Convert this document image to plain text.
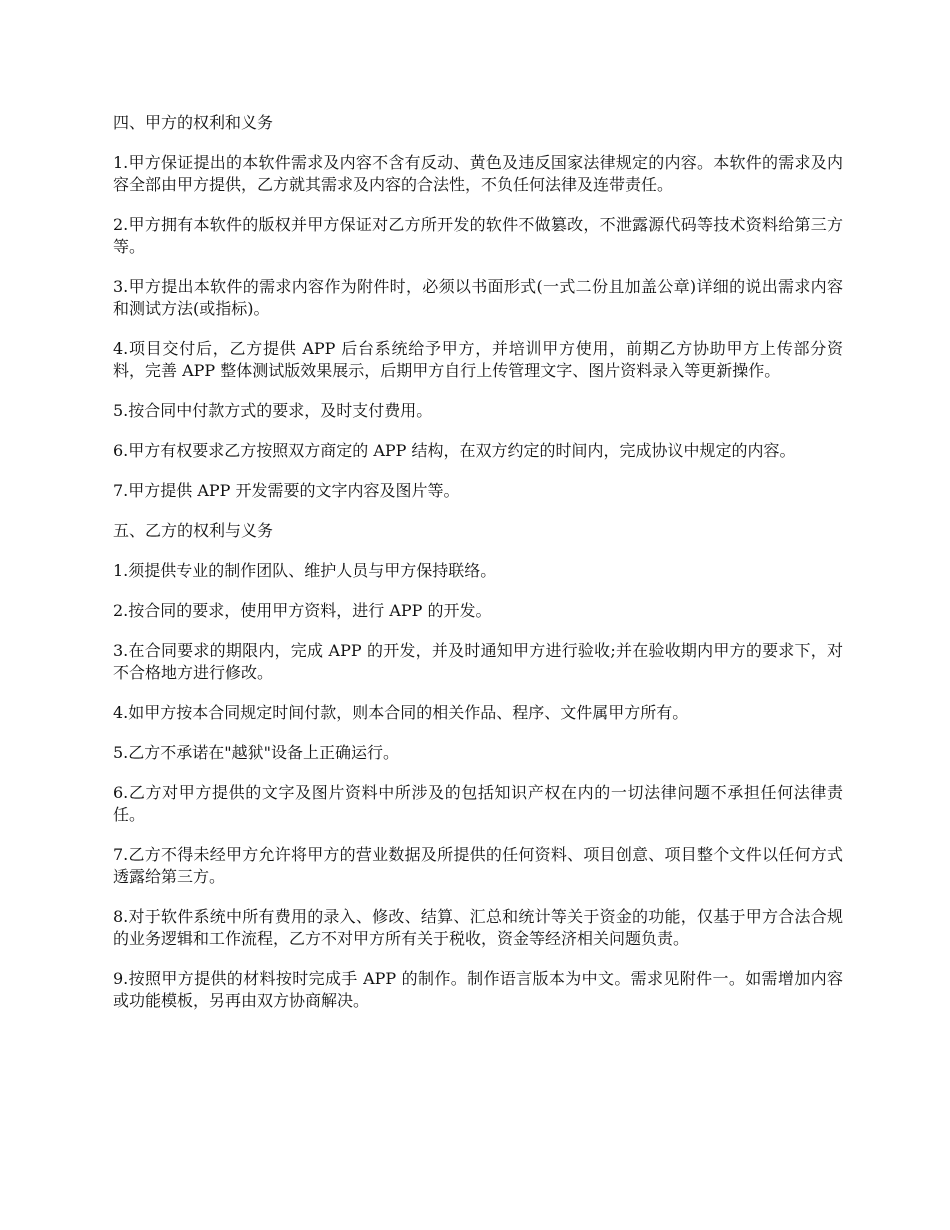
四、甲方的权利和义务

1.甲方保证提出的本软件需求及内容不含有反动、黄色及违反国家法律规定的内容。本软件的需求及内容全部由甲方提供，乙方就其需求及内容的合法性，不负任何法律及连带责任。

2.甲方拥有本软件的版权并甲方保证对乙方所开发的软件不做篡改，不泄露源代码等技术资料给第三方等。

3.甲方提出本软件的需求内容作为附件时，必须以书面形式(一式二份且加盖公章)详细的说出需求内容和测试方法(或指标)。

4.项目交付后，乙方提供 APP 后台系统给予甲方，并培训甲方使用，前期乙方协助甲方上传部分资料，完善 APP 整体测试版效果展示，后期甲方自行上传管理文字、图片资料录入等更新操作。

5.按合同中付款方式的要求，及时支付费用。

6.甲方有权要求乙方按照双方商定的 APP 结构，在双方约定的时间内，完成协议中规定的内容。

7.甲方提供 APP 开发需要的文字内容及图片等。

五、乙方的权利与义务

1.须提供专业的制作团队、维护人员与甲方保持联络。

2.按合同的要求，使用甲方资料，进行 APP 的开发。

3.在合同要求的期限内，完成 APP 的开发，并及时通知甲方进行验收;并在验收期内甲方的要求下，对不合格地方进行修改。

4.如甲方按本合同规定时间付款，则本合同的相关作品、程序、文件属甲方所有。

5.乙方不承诺在"越狱"设备上正确运行。

6.乙方对甲方提供的文字及图片资料中所涉及的包括知识产权在内的一切法律问题不承担任何法律责任。

7.乙方不得未经甲方允许将甲方的营业数据及所提供的任何资料、项目创意、项目整个文件以任何方式透露给第三方。

8.对于软件系统中所有费用的录入、修改、结算、汇总和统计等关于资金的功能，仅基于甲方合法合规的业务逻辑和工作流程，乙方不对甲方所有关于税收，资金等经济相关问题负责。

9.按照甲方提供的材料按时完成手 APP 的制作。制作语言版本为中文。需求见附件一。如需增加内容或功能模板，另再由双方协商解决。
